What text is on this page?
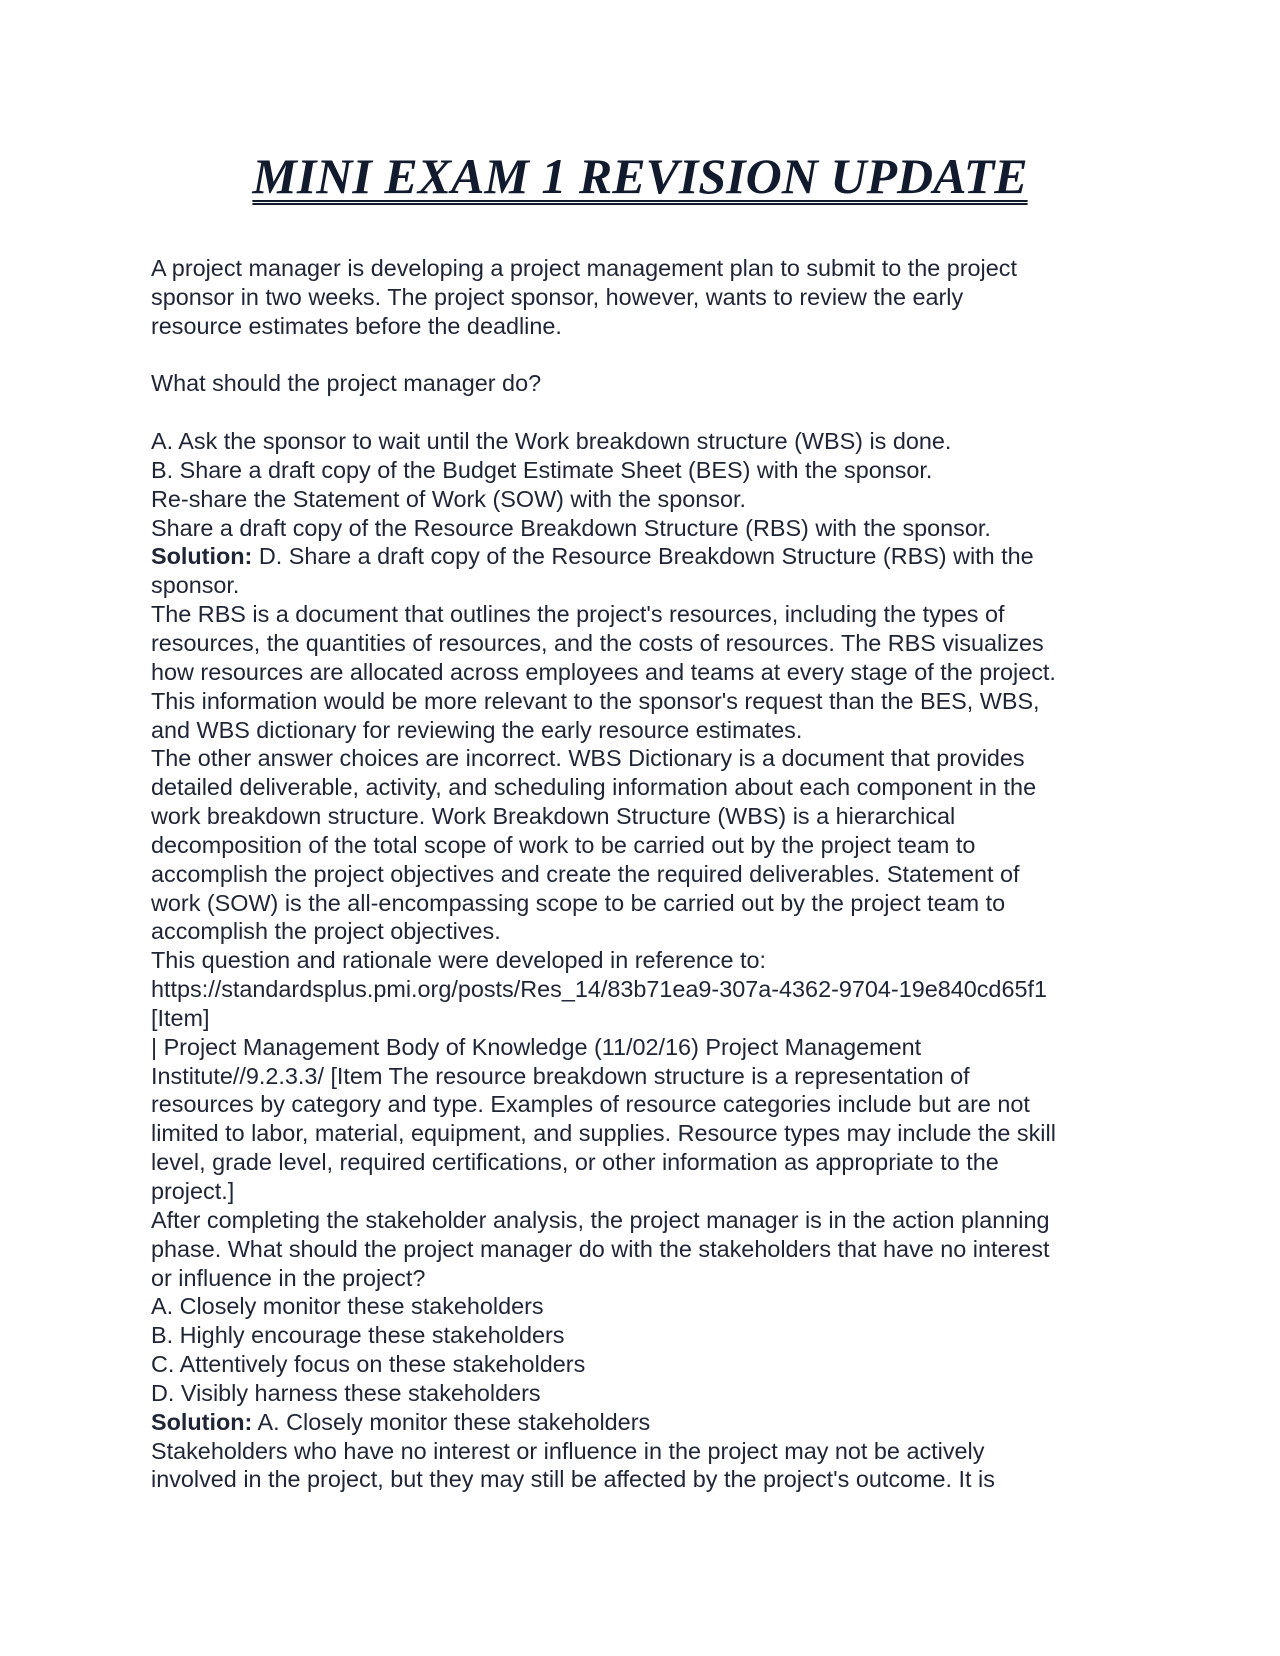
MINI EXAM 1 REVISION UPDATE
A project manager is developing a project management plan to submit to the project
sponsor in two weeks. The project sponsor, however, wants to review the early
resource estimates before the deadline.
What should the project manager do?
A. Ask the sponsor to wait until the Work breakdown structure (WBS) is done.
B. Share a draft copy of the Budget Estimate Sheet (BES) with the sponsor.
Re-share the Statement of Work (SOW) with the sponsor.
Share a draft copy of the Resource Breakdown Structure (RBS) with the sponsor.
Solution: D. Share a draft copy of the Resource Breakdown Structure (RBS) with the
sponsor.
The RBS is a document that outlines the project's resources, including the types of
resources, the quantities of resources, and the costs of resources. The RBS visualizes
how resources are allocated across employees and teams at every stage of the project.
This information would be more relevant to the sponsor's request than the BES, WBS,
and WBS dictionary for reviewing the early resource estimates.
The other answer choices are incorrect. WBS Dictionary is a document that provides
detailed deliverable, activity, and scheduling information about each component in the
work breakdown structure. Work Breakdown Structure (WBS) is a hierarchical
decomposition of the total scope of work to be carried out by the project team to
accomplish the project objectives and create the required deliverables. Statement of
work (SOW) is the all-encompassing scope to be carried out by the project team to
accomplish the project objectives.
This question and rationale were developed in reference to:
https://standardsplus.pmi.org/posts/Res_14/83b71ea9-307a-4362-9704-19e840cd65f1
[Item]
| Project Management Body of Knowledge (11/02/16) Project Management
Institute//9.2.3.3/ [Item The resource breakdown structure is a representation of
resources by category and type. Examples of resource categories include but are not
limited to labor, material, equipment, and supplies. Resource types may include the skill
level, grade level, required certifications, or other information as appropriate to the
project.]
After completing the stakeholder analysis, the project manager is in the action planning
phase. What should the project manager do with the stakeholders that have no interest
or influence in the project?
A. Closely monitor these stakeholders
B. Highly encourage these stakeholders
C. Attentively focus on these stakeholders
D. Visibly harness these stakeholders
Solution: A. Closely monitor these stakeholders
Stakeholders who have no interest or influence in the project may not be actively
involved in the project, but they may still be affected by the project's outcome. It is
